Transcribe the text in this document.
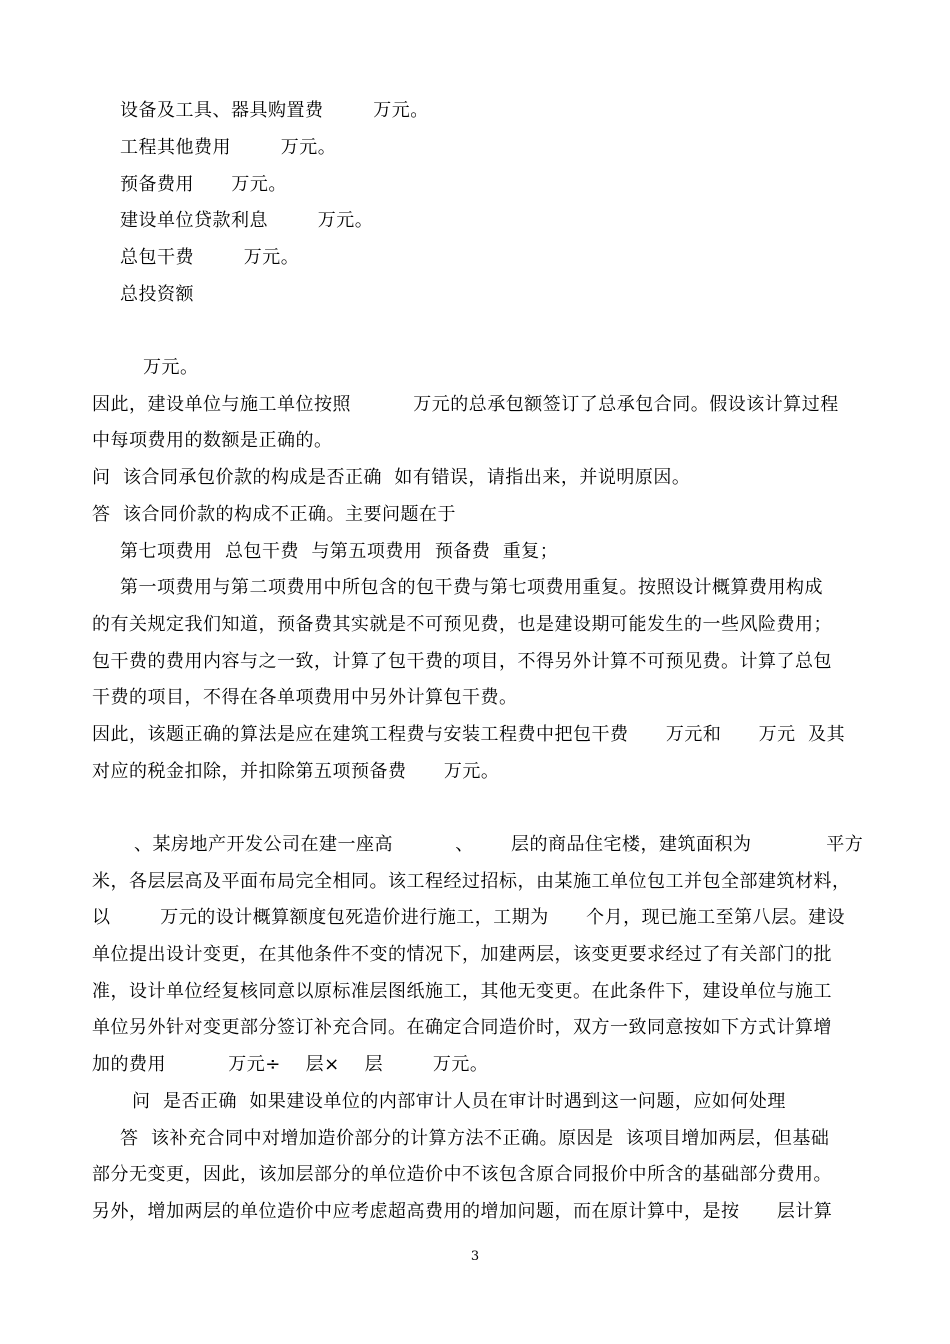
设备及工具、器具购置费        万元。
工程其他费用        万元。
预备费用      万元。
建设单位贷款利息        万元。
总包干费        万元。
总投资额
万元。
因此，建设单位与施工单位按照          万元的总承包额签订了总承包合同。假设该计算过程
中每项费用的数额是正确的。
问  该合同承包价款的构成是否正确  如有错误，请指出来，并说明原因。
答  该合同价款的构成不正确。主要问题在于
第七项费用  总包干费  与第五项费用  预备费  重复；
第一项费用与第二项费用中所包含的包干费与第七项费用重复。按照设计概算费用构成
的有关规定我们知道，预备费其实就是不可预见费，也是建设期可能发生的一些风险费用；
包干费的费用内容与之一致，计算了包干费的项目，不得另外计算不可预见费。计算了总包
干费的项目，不得在各单项费用中另外计算包干费。
因此，该题正确的算法是应在建筑工程费与安装工程费中把包干费      万元和      万元  及其
对应的税金扣除，并扣除第五项预备费      万元。
、某房地产开发公司在建一座高          、      层的商品住宅楼，建筑面积为            平方
米，各层层高及平面布局完全相同。该工程经过招标，由某施工单位包工并包全部建筑材料，
以        万元的设计概算额度包死造价进行施工，工期为      个月，现已施工至第八层。建设
单位提出设计变更，在其他条件不变的情况下，加建两层，该变更要求经过了有关部门的批
准，设计单位经复核同意以原标准层图纸施工，其他无变更。在此条件下，建设单位与施工
单位另外针对变更部分签订补充合同。在确定合同造价时，双方一致同意按如下方式计算增
加的费用          万元÷    层×    层        万元。
问  是否正确  如果建设单位的内部审计人员在审计时遇到这一问题，应如何处理
答  该补充合同中对增加造价部分的计算方法不正确。原因是  该项目增加两层，但基础
部分无变更，因此，该加层部分的单位造价中不该包含原合同报价中所含的基础部分费用。
另外，增加两层的单位造价中应考虑超高费用的增加问题，而在原计算中，是按      层计算
3
